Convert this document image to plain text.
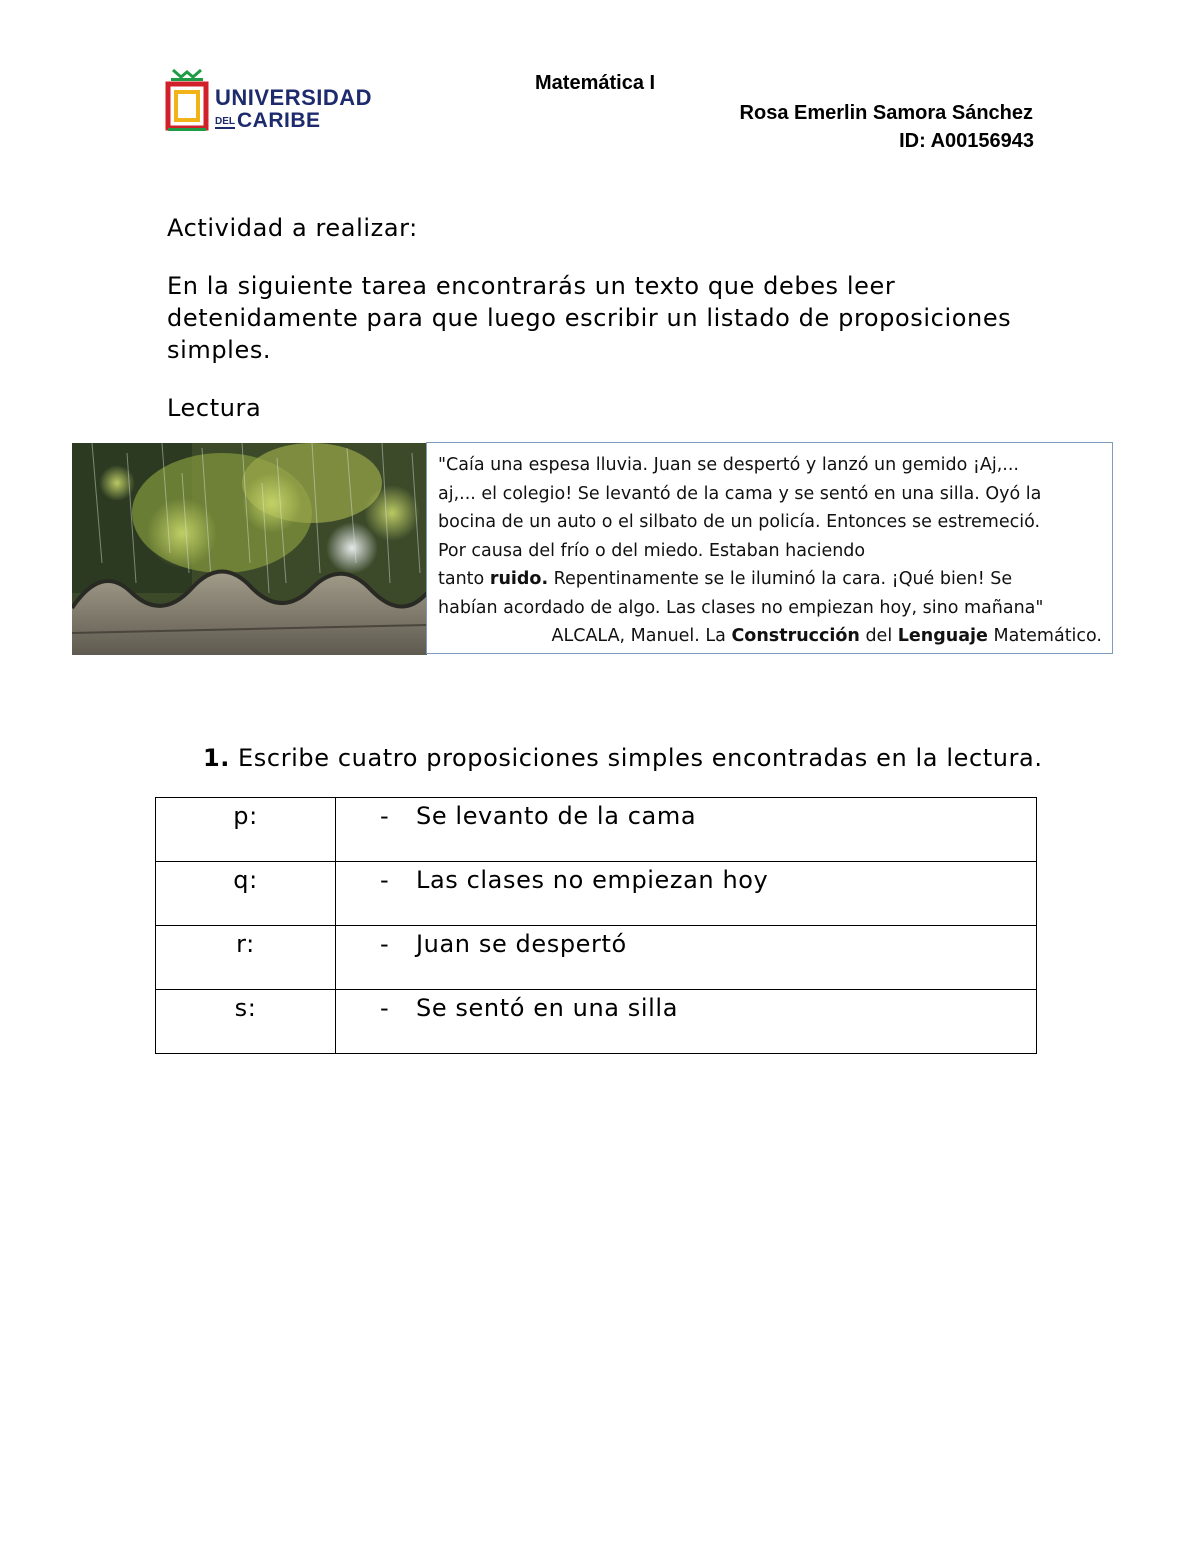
UNIVERSIDAD
DELCARIBE
Matemática I
Rosa Emerlin Samora Sánchez
ID: A00156943
Actividad a realizar:
En la siguiente tarea encontrarás un texto que debes leer detenidamente para que luego escribir un listado de proposiciones simples.
Lectura

"Caía una espesa lluvia. Juan se despertó y lanzó un gemido ¡Aj,...

aj,... el colegio! Se levantó de la cama y se sentó en una silla. Oyó la

bocina de un auto o el silbato de un policía. Entonces se estremeció.

Por causa del frío o del miedo. Estaban haciendo

tanto ruido. Repentinamente se le iluminó la cara. ¡Qué bien! Se

habían acordado de algo. Las clases no empiezan hoy, sino mañana"

ALCALA, Manuel. La Construcción del Lenguaje Matemático.

1. Escribe cuatro proposiciones simples encontradas en la lectura.
p:	- Se levanto de la cama
q:	- Las clases no empiezan hoy
r:	- Juan se despertó
s:	- Se sentó en una silla
